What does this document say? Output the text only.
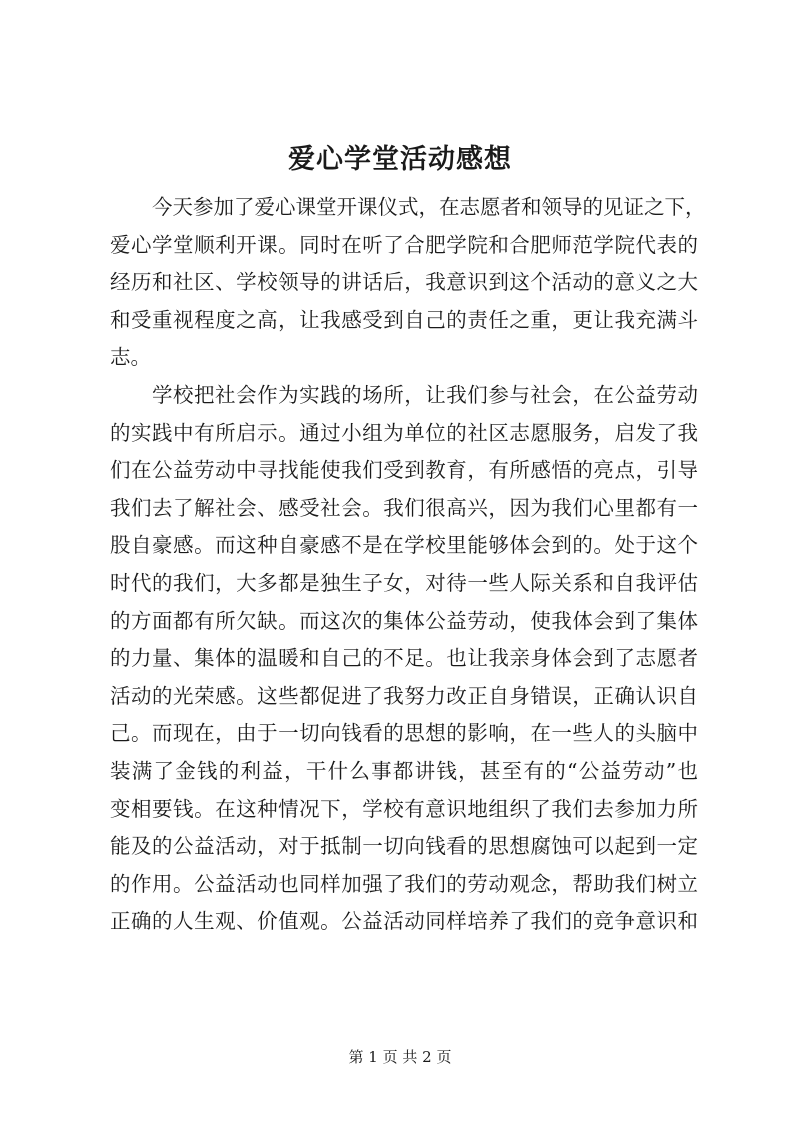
爱心学堂活动感想
今天参加了爱心课堂开课仪式，在志愿者和领导的见证之下，
爱心学堂顺利开课。同时在听了合肥学院和合肥师范学院代表的
经历和社区、学校领导的讲话后，我意识到这个活动的意义之大
和受重视程度之高，让我感受到自己的责任之重，更让我充满斗
志。
学校把社会作为实践的场所，让我们参与社会，在公益劳动
的实践中有所启示。通过小组为单位的社区志愿服务，启发了我
们在公益劳动中寻找能使我们受到教育，有所感悟的亮点，引导
我们去了解社会、感受社会。我们很高兴，因为我们心里都有一
股自豪感。而这种自豪感不是在学校里能够体会到的。处于这个
时代的我们，大多都是独生子女，对待一些人际关系和自我评估
的方面都有所欠缺。而这次的集体公益劳动，使我体会到了集体
的力量、集体的温暖和自己的不足。也让我亲身体会到了志愿者
活动的光荣感。这些都促进了我努力改正自身错误，正确认识自
己。而现在，由于一切向钱看的思想的影响，在一些人的头脑中
装满了金钱的利益，干什么事都讲钱，甚至有的“公益劳动”也
变相要钱。在这种情况下，学校有意识地组织了我们去参加力所
能及的公益活动，对于抵制一切向钱看的思想腐蚀可以起到一定
的作用。公益活动也同样加强了我们的劳动观念，帮助我们树立
正确的人生观、价值观。公益活动同样培养了我们的竞争意识和

第 1 页 共 2 页
